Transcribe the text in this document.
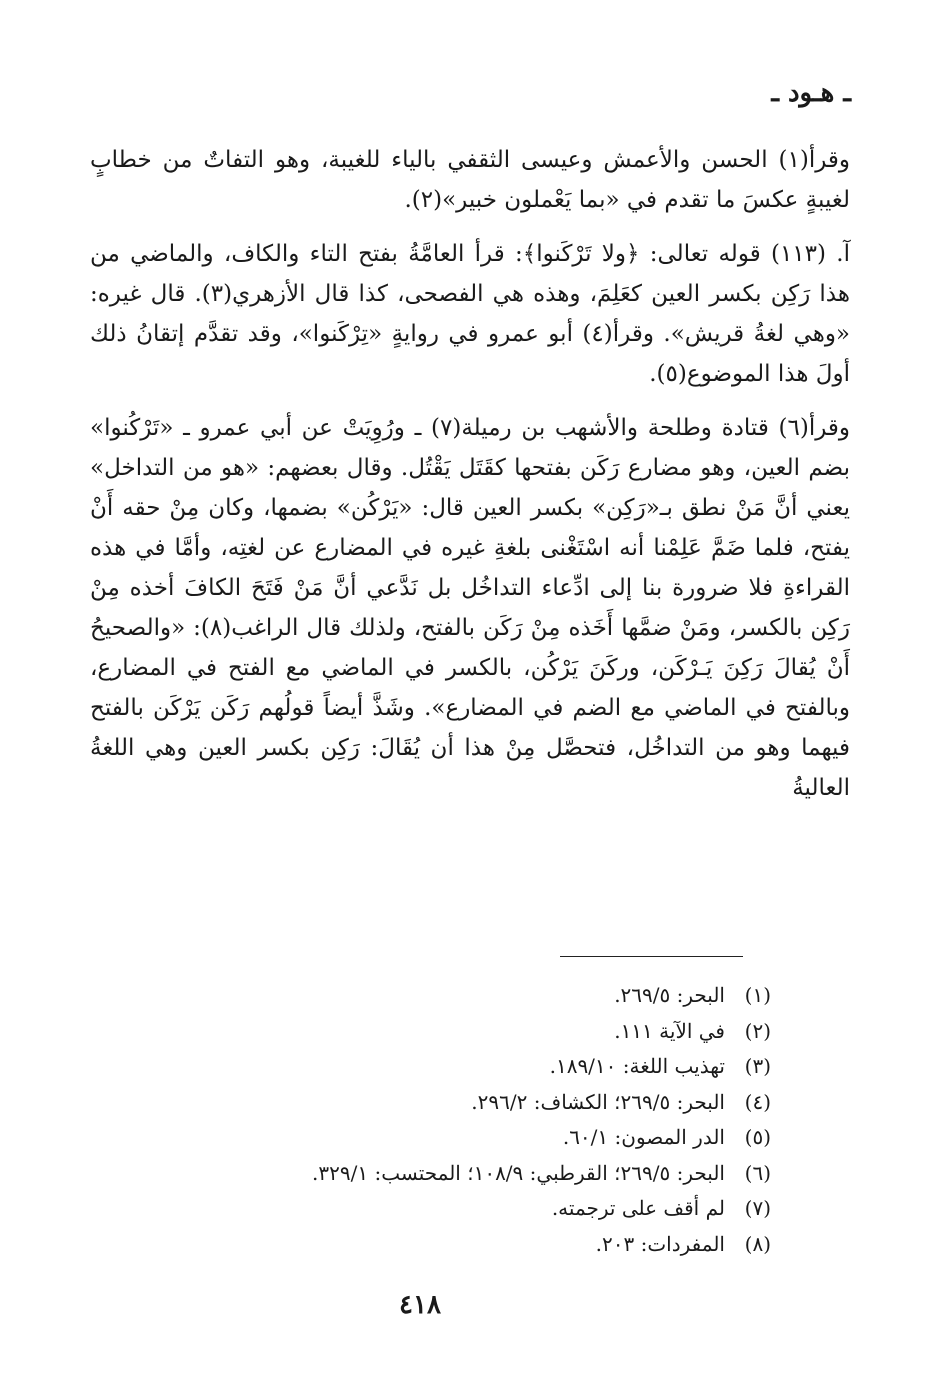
ـ هـود ـ

وقرأ(١) الحسن والأعمش وعيسى الثقفي بالياء للغيبة، وهو التفاتٌ من خطابٍ لغيبةٍ عكسَ ما تقدم في «بما يَعْملون خبير»(٢).

آ. (١١٣) قوله تعالى: ﴿ولا تَرْكَنوا﴾: قرأ العامَّةُ بفتح التاء والكاف، والماضي من هذا رَكِن بكسر العين كعَلِمَ، وهذه هي الفصحى، كذا قال الأزهري(٣). قال غيره: «وهي لغةُ قريش». وقرأ(٤) أبو عمرو في روايةٍ «تِرْكَنوا»، وقد تقدَّم إتقانُ ذلك أولَ هذا الموضوع(٥).

وقرأ(٦) قتادة وطلحة والأشهب بن رميلة(٧) ـ ورُوِيَتْ عن أبي عمرو ـ «تَرْكُنوا» بضم العين، وهو مضارع رَكَن بفتحها كقَتَل يَقْتُل. وقال بعضهم: «هو من التداخل» يعني أنَّ مَنْ نطق بـ«رَكِن» بكسر العين قال: «يَرْكُن» بضمها، وكان مِنْ حقه أَنْ يفتح، فلما ضَمَّ عَلِمْنا أنه اسْتَغْنى بلغةِ غيره في المضارع عن لغتِه، وأمَّا في هذه القراءةِ فلا ضرورة بنا إلى ادِّعاء التداخُل بل نَدَّعي أنَّ مَنْ فَتَحَ الكافَ أخذه مِنْ رَكِن بالكسر، ومَنْ ضمَّها أَخَذه مِنْ رَكَن بالفتح، ولذلك قال الراغب(٨): «والصحيحُ أَنْ يُقالَ رَكِنَ يَـرْكَن، وركَنَ يَرْكُن، بالكسر في الماضي مع الفتح في المضارع، وبالفتح في الماضي مع الضم في المضارع». وشَذَّ أيضاً قولُهم رَكَن يَرْكَن بالفتح فيهما وهو من التداخُل، فتحصَّل مِنْ هذا أن يُقَالَ: رَكِن بكسر العين وهي اللغةُ العاليةُ

(١)
البحر: ٢٦٩/٥.
(٢)
في الآية ١١١.
(٣)
تهذيب اللغة: ١٨٩/١٠.
(٤)
البحر: ٢٦٩/٥؛ الكشاف: ٢٩٦/٢.
(٥)
الدر المصون: ٦٠/١.
(٦)
البحر: ٢٦٩/٥؛ القرطبي: ١٠٨/٩؛ المحتسب: ٣٢٩/١.
(٧)
لم أقف على ترجمته.
(٨)
المفردات: ٢٠٣.
٤١٨
